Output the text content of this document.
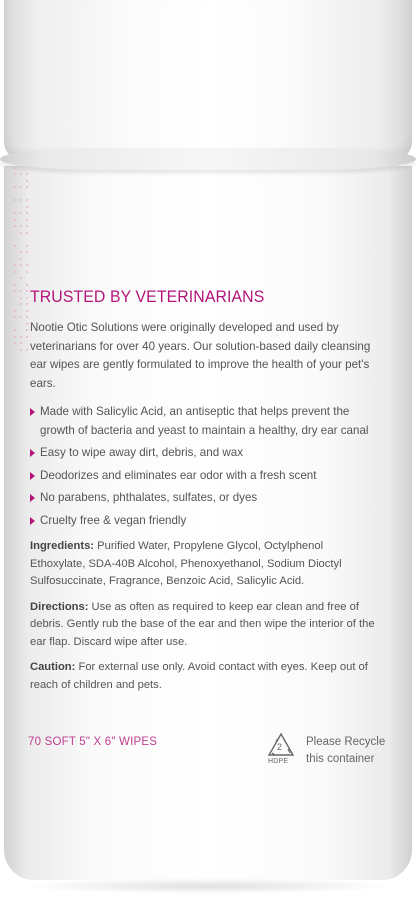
TRUSTED BY VETERINARIANS

Nootie Otic Solutions were originally developed and used by veterinarians for over 40 years. Our solution-based daily cleansing ear wipes are gently formulated to improve the health of your pet's ears.

Made with Salicylic Acid, an antiseptic that helps prevent the growth of bacteria and yeast to maintain a healthy, dry ear canal
Easy to wipe away dirt, debris, and wax
Deodorizes and eliminates ear odor with a fresh scent
No parabens, phthalates, sulfates, or dyes
Cruelty free & vegan friendly
Ingredients: Purified Water, Propylene Glycol, Octylphenol Ethoxylate, SDA-40B Alcohol, Phenoxyethanol, Sodium Dioctyl Sulfosuccinate, Fragrance, Benzoic Acid, Salicylic Acid.
Directions: Use as often as required to keep ear clean and free of debris. Gently rub the base of the ear and then wipe the interior of the ear flap. Discard wipe after use.
Caution: For external use only. Avoid contact with eyes. Keep out of reach of children and pets.
70 SOFT 5" X 6" WIPES	2
HDPE
Please Recycle this container
